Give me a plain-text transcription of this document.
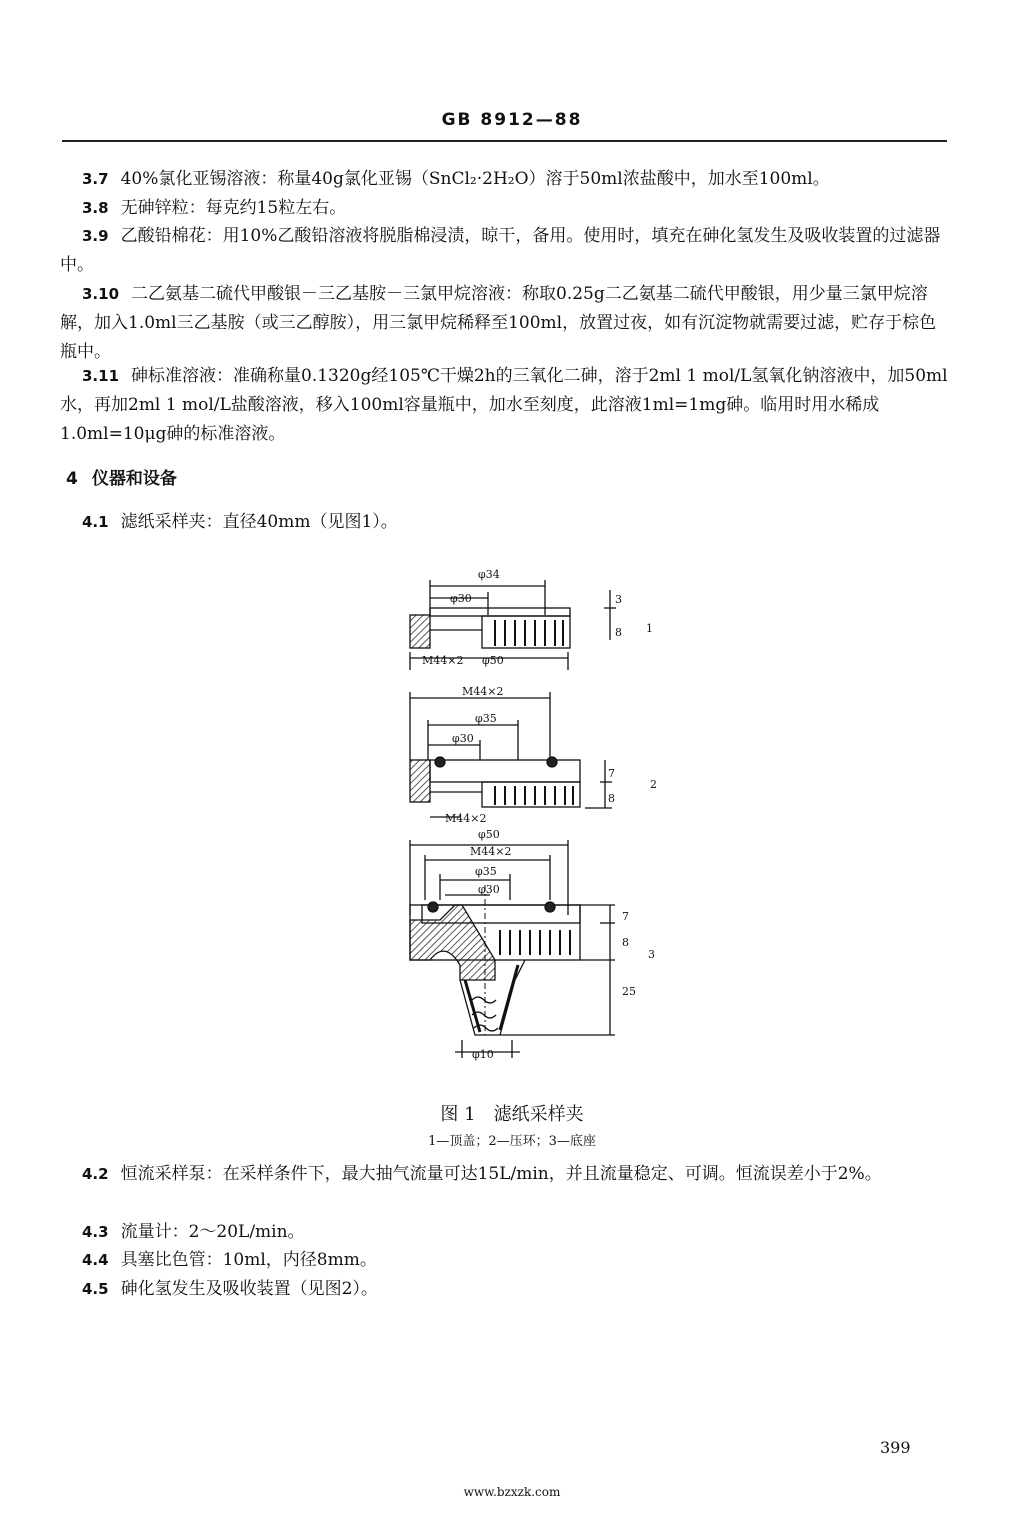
GB 8912—88
3.7 40%氯化亚锡溶液：称量40g氯化亚锡（SnCl₂·2H₂O）溶于50ml浓盐酸中，加水至100ml。
3.8 无砷锌粒：每克约15粒左右。
3.9 乙酸铅棉花：用10%乙酸铅溶液将脱脂棉浸渍，晾干，备用。使用时，填充在砷化氢发生及吸收装置的过滤器中。
3.10 二乙氨基二硫代甲酸银－三乙基胺－三氯甲烷溶液：称取0.25g二乙氨基二硫代甲酸银，用少量三氯甲烷溶解，加入1.0ml三乙基胺（或三乙醇胺），用三氯甲烷稀释至100ml，放置过夜，如有沉淀物就需要过滤，贮存于棕色瓶中。
3.11 砷标准溶液：准确称量0.1320g经105℃干燥2h的三氧化二砷，溶于2ml 1 mol/L氢氧化钠溶液中，加50ml水，再加2ml 1 mol/L盐酸溶液，移入100ml容量瓶中，加水至刻度，此溶液1ml=1mg砷。临用时用水稀成1.0ml=10μg砷的标准溶液。
4 仪器和设备
4.1 滤纸采样夹：直径40mm（见图1）。
φ34
φ30	3
8 1
M44×2 φ50
M44×2
φ35
φ30
7
8
2
M44×2
φ50
M44×2
φ35
φ30
7
8
25
3
φ10
图 1　滤纸采样夹
1—顶盖；2—压环；3—底座
4.2 恒流采样泵：在采样条件下，最大抽气流量可达15L/min，并且流量稳定、可调。恒流误差小于2%。
4.3 流量计：2～20L/min。
4.4 具塞比色管：10ml，内径8mm。
4.5 砷化氢发生及吸收装置（见图2）。
399
www.bzxzk.com
